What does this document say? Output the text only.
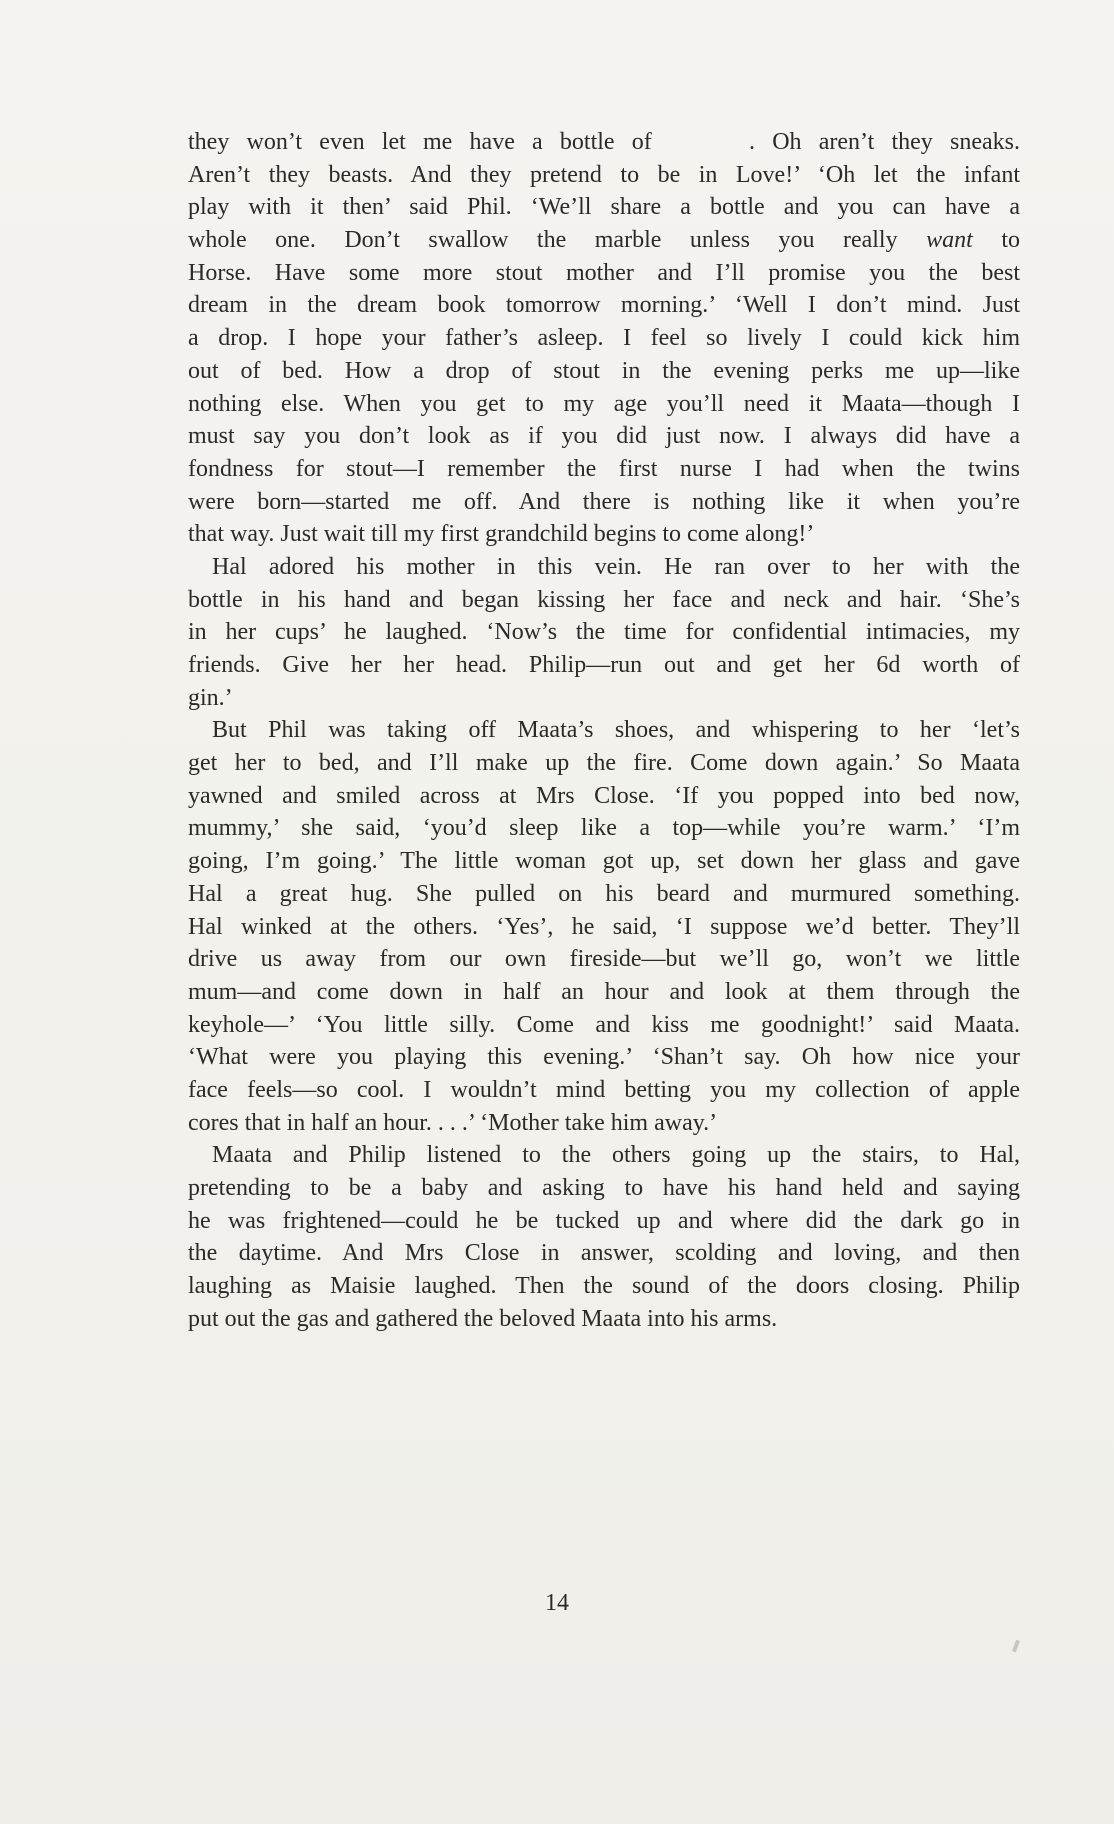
they won’t even let me have a bottle of	. Oh aren’t they sneaks.
Aren’t they beasts. And they pretend to be in Love!’ ‘Oh let the infant
play with it then’ said Phil. ‘We’ll share a bottle and you can have a
whole one. Don’t swallow the marble unless you really want to
Horse. Have some more stout mother and I’ll promise you the best
dream in the dream book tomorrow morning.’ ‘Well I don’t mind. Just
a drop. I hope your father’s asleep. I feel so lively I could kick him
out of bed. How a drop of stout in the evening perks me up—like
nothing else. When you get to my age you’ll need it Maata—though I
must say you don’t look as if you did just now. I always did have a
fondness for stout—I remember the first nurse I had when the twins
were born—started me off. And there is nothing like it when you’re
that way. Just wait till my first grandchild begins to come along!’
Hal adored his mother in this vein. He ran over to her with the
bottle in his hand and began kissing her face and neck and hair. ‘She’s
in her cups’ he laughed. ‘Now’s the time for confidential intimacies, my
friends. Give her her head. Philip—run out and get her 6d worth of
gin.’
But Phil was taking off Maata’s shoes, and whispering to her ‘let’s
get her to bed, and I’ll make up the fire. Come down again.’ So Maata
yawned and smiled across at Mrs Close. ‘If you popped into bed now,
mummy,’ she said, ‘you’d sleep like a top—while you’re warm.’ ‘I’m
going, I’m going.’ The little woman got up, set down her glass and gave
Hal a great hug. She pulled on his beard and murmured something.
Hal winked at the others. ‘Yes’, he said, ‘I suppose we’d better. They’ll
drive us away from our own fireside—but we’ll go, won’t we little
mum—and come down in half an hour and look at them through the
keyhole—’ ‘You little silly. Come and kiss me goodnight!’ said Maata.
‘What were you playing this evening.’ ‘Shan’t say. Oh how nice your
face feels—so cool. I wouldn’t mind betting you my collection of apple
cores that in half an hour. . . .’ ‘Mother take him away.’
Maata and Philip listened to the others going up the stairs, to Hal,
pretending to be a baby and asking to have his hand held and saying
he was frightened—could he be tucked up and where did the dark go in
the daytime. And Mrs Close in answer, scolding and loving, and then
laughing as Maisie laughed. Then the sound of the doors closing. Philip
put out the gas and gathered the beloved Maata into his arms.
14
